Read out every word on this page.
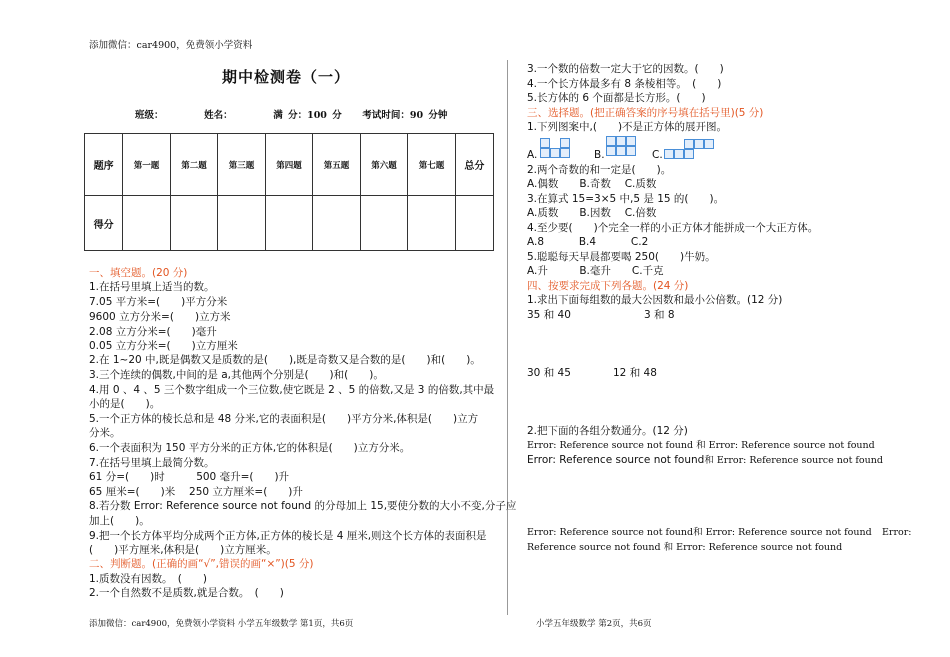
添加微信：car4900，免费领小学资料
期中检测卷（一）
班级：	姓名：	满 分：100 分 考试时间：90 分钟
题序	第一题	第二题	第三题	第四题	第五题	第六题	第七题	总分
得分								
一、填空题。(20 分)
1.在括号里填上适当的数。
7.05 平方米=(　　)平方分米
9600 立方分米=(　　)立方米
2.08 立方分米=(　　)毫升
0.05 立方分米=(　　)立方厘米
2.在 1~20 中,既是偶数又是质数的是(　　),既是奇数又是合数的是(　　)和(　　)。
3.三个连续的偶数,中间的是 a,其他两个分别是(　　)和(　　)。
4.用 0 、4 、5 三个数字组成一个三位数,使它既是 2 、5 的倍数,又是 3 的倍数,其中最
小的是(　　)。
5.一个正方体的棱长总和是 48 分米,它的表面积是(　　)平方分米,体积是(　　)立方
分米。
6.一个表面积为 150 平方分米的正方体,它的体积是(　　)立方分米。
7.在括号里填上最简分数。
61 分=(　　)时　　　500 毫升=(　　)升
65 厘米=(　　)米　 250 立方厘米=(　　)升
8.若分数 Error: Reference source not found 的分母加上 15,要使分数的大小不变,分子应
加上(　　)。
9.把一个长方体平均分成两个正方体,正方体的棱长是 4 厘米,则这个长方体的表面积是
(　　)平方厘米,体积是(　　)立方厘米。
二、判断题。(正确的画“√”,错误的画“×”)(5 分)
1.质数没有因数。　(　　)
2.一个自然数不是质数,就是合数。　(　　)
添加微信：car4900，免费领小学资料 小学五年级数学 第1页，共6页
3.一个数的倍数一定大于它的因数。(　　)
4.一个长方体最多有 8 条棱相等。　(　　)
5.长方体的 6 个面都是长方形。(　　)
三、选择题。(把正确答案的序号填在括号里)(5 分)
1.下列图案中,(　　)不是正方体的展开图。
A.	B.	C.
2.两个奇数的和一定是(　　)。
A.偶数　　B.奇数　 C.质数
3.在算式 15=3×5 中,5 是 15 的(　　)。
A.质数　　B.因数　 C.倍数
4.至少要(　　)个完全一样的小正方体才能拼成一个大正方体。
A.8　　　 B.4　　　 C.2
5.聪聪每天早晨都要喝 250(　　)牛奶。
A.升　　　B.毫升　　C.千克
四、按要求完成下列各题。(24 分)
1.求出下面每组数的最大公因数和最小公倍数。(12 分)
35 和 40	3 和 8
30 和 45	12 和 48
2.把下面的各组分数通分。(12 分)
Error: Reference source not found 和 Error: Reference source not found
Error: Reference source not found和 Error: Reference source not found
Error: Reference source not found和 Error: Reference source not found Error:
Reference source not found 和 Error: Reference source not found
小学五年级数学 第2页，共6页
